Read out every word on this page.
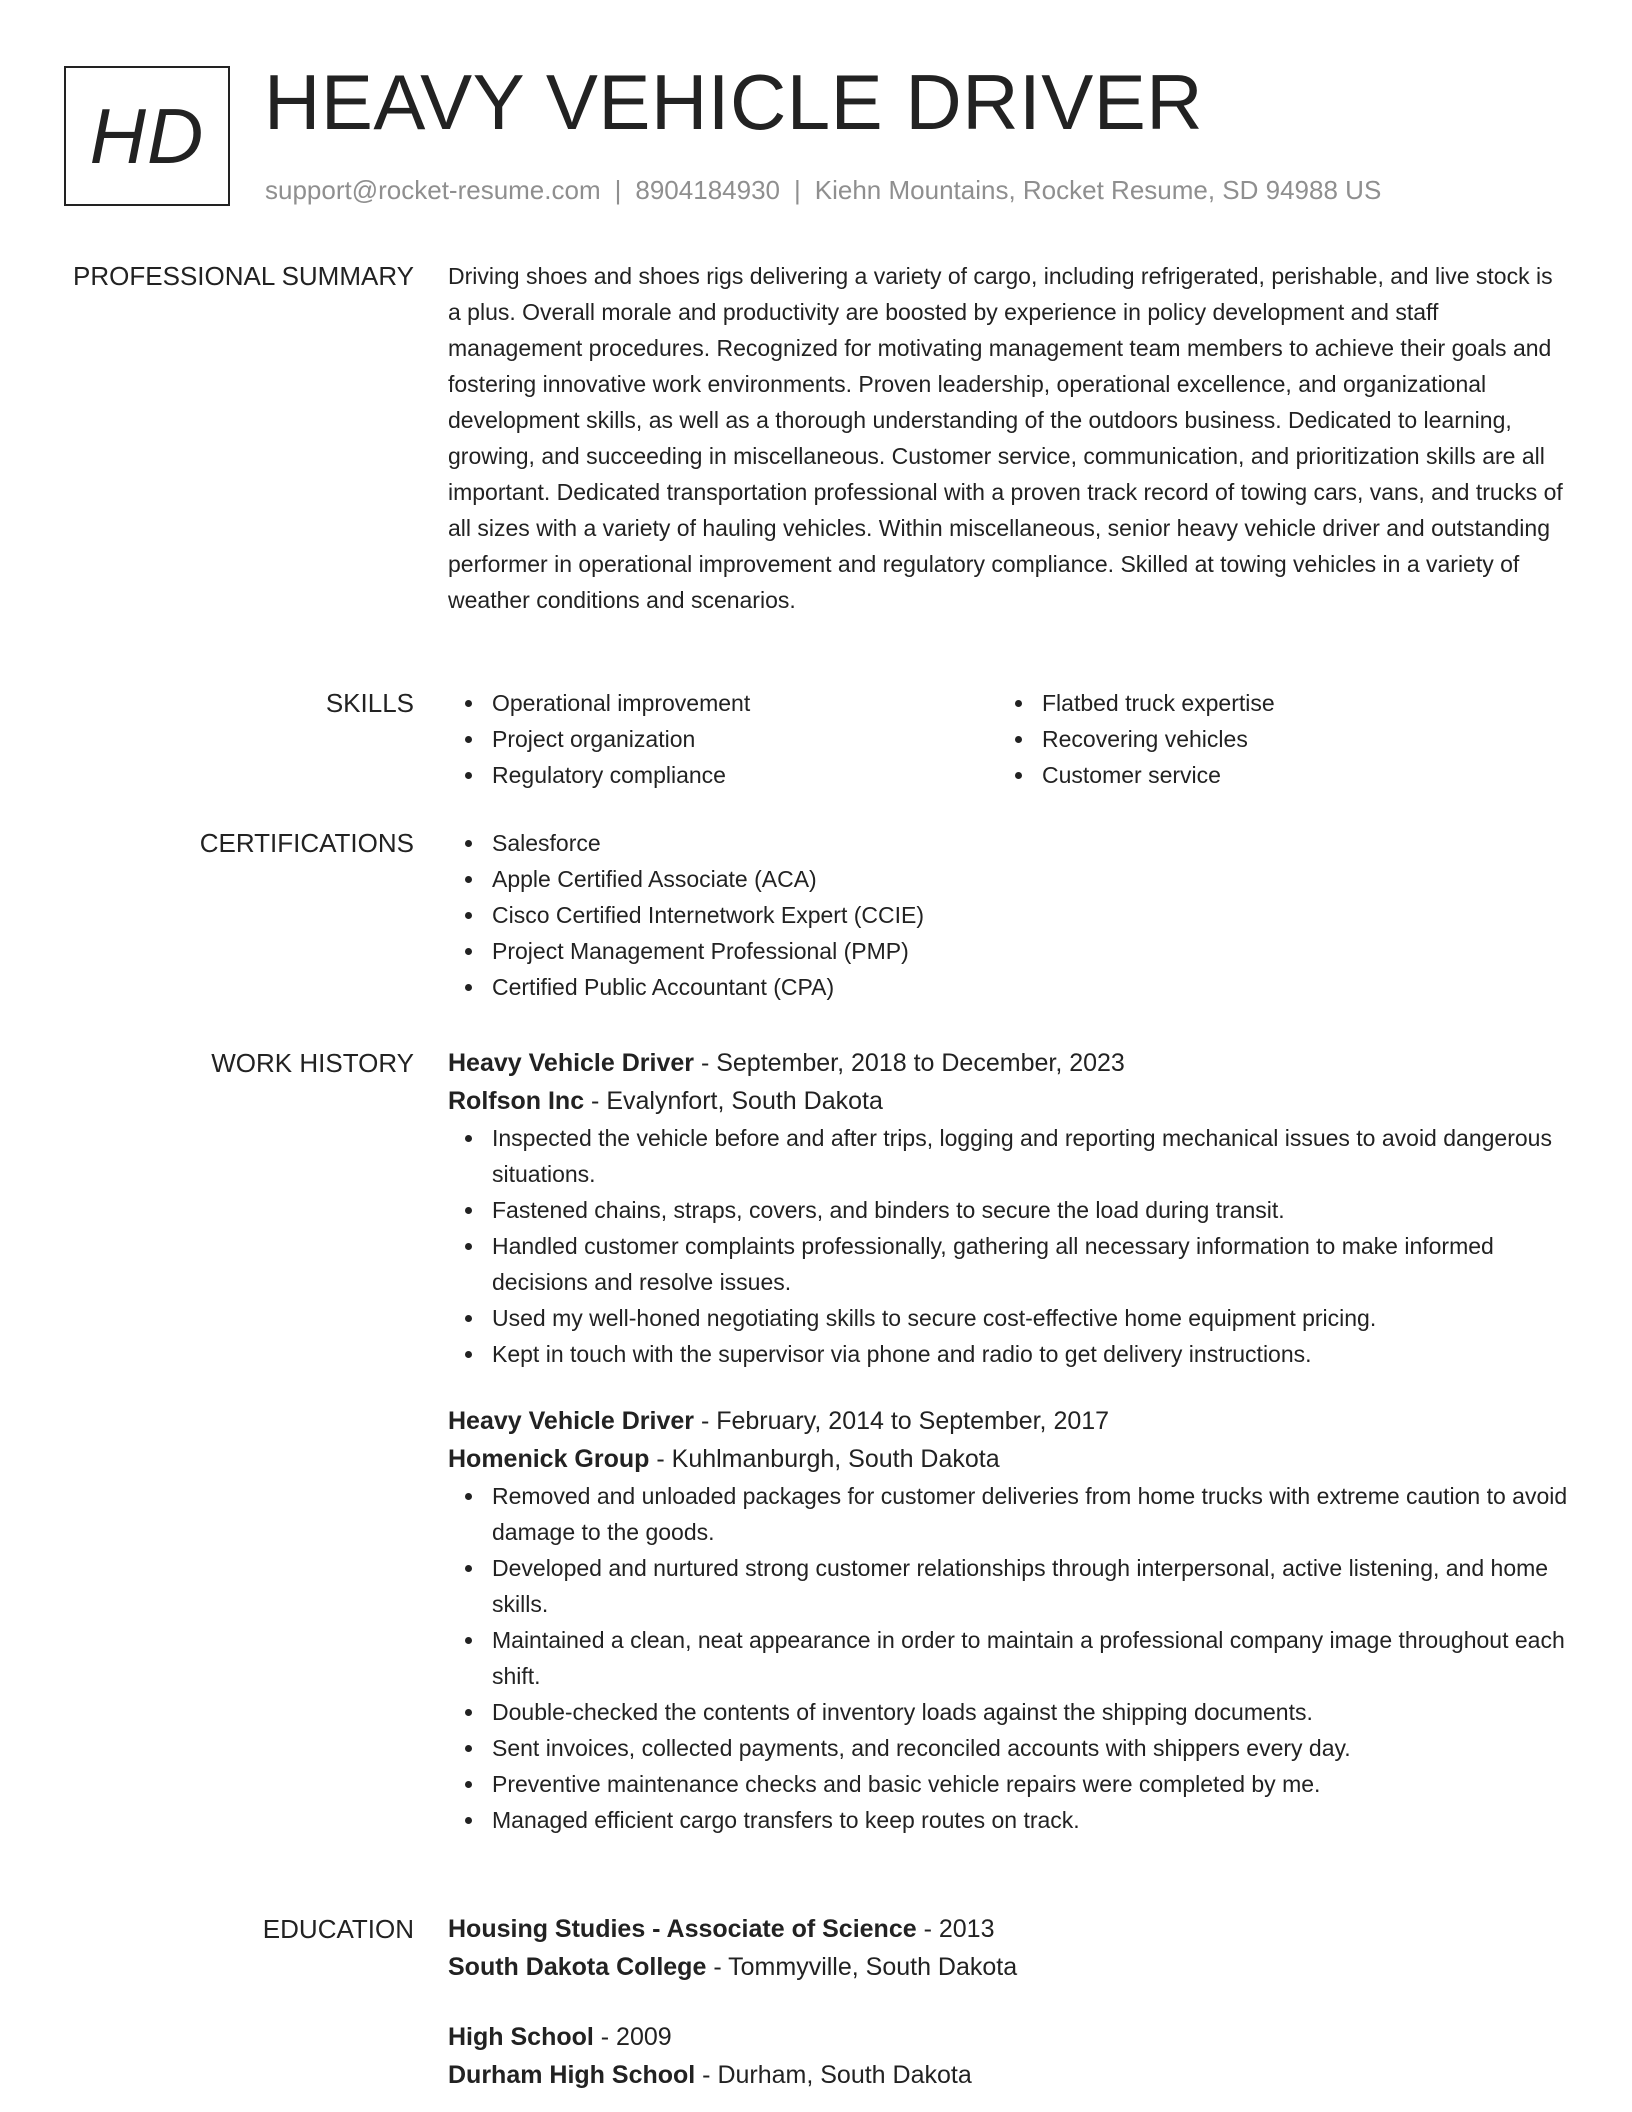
HD HEAVY VEHICLE DRIVER
support@rocket-resume.com | 8904184930 | Kiehn Mountains, Rocket Resume, SD 94988 US
PROFESSIONAL SUMMARY Driving shoes and shoes rigs delivering a variety of cargo, including refrigerated, perishable, and live stock is a plus. Overall morale and productivity are boosted by experience in policy development and staff management procedures. Recognized for motivating management team members to achieve their goals and fostering innovative work environments. Proven leadership, operational excellence, and organizational development skills, as well as a thorough understanding of the outdoors business. Dedicated to learning, growing, and succeeding in miscellaneous. Customer service, communication, and prioritization skills are all important. Dedicated transportation professional with a proven track record of towing cars, vans, and trucks of all sizes with a variety of hauling vehicles. Within miscellaneous, senior heavy vehicle driver and outstanding performer in operational improvement and regulatory compliance. Skilled at towing vehicles in a variety of weather conditions and scenarios.

SKILLS	Operational improvement
Project organization
Regulatory compliance
Flatbed truck expertise
Recovering vehicles
Customer service
CERTIFICATIONS	Salesforce
Apple Certified Associate (ACA)
Cisco Certified Internetwork Expert (CCIE)
Project Management Professional (PMP)
Certified Public Accountant (CPA)
WORK HISTORY Heavy Vehicle Driver - September, 2018 to December, 2023
Rolfson Inc - Evalynfort, South Dakota
Inspected the vehicle before and after trips, logging and reporting mechanical issues to avoid dangerous situations.
Fastened chains, straps, covers, and binders to secure the load during transit.
Handled customer complaints professionally, gathering all necessary information to make informed decisions and resolve issues.
Used my well-honed negotiating skills to secure cost-effective home equipment pricing.
Kept in touch with the supervisor via phone and radio to get delivery instructions.
Heavy Vehicle Driver - February, 2014 to September, 2017
Homenick Group - Kuhlmanburgh, South Dakota
Removed and unloaded packages for customer deliveries from home trucks with extreme caution to avoid damage to the goods.
Developed and nurtured strong customer relationships through interpersonal, active listening, and home skills.
Maintained a clean, neat appearance in order to maintain a professional company image throughout each shift.
Double-checked the contents of inventory loads against the shipping documents.
Sent invoices, collected payments, and reconciled accounts with shippers every day.
Preventive maintenance checks and basic vehicle repairs were completed by me.
Managed efficient cargo transfers to keep routes on track.
EDUCATION Housing Studies - Associate of Science - 2013
South Dakota College - Tommyville, South Dakota
High School - 2009
Durham High School - Durham, South Dakota
